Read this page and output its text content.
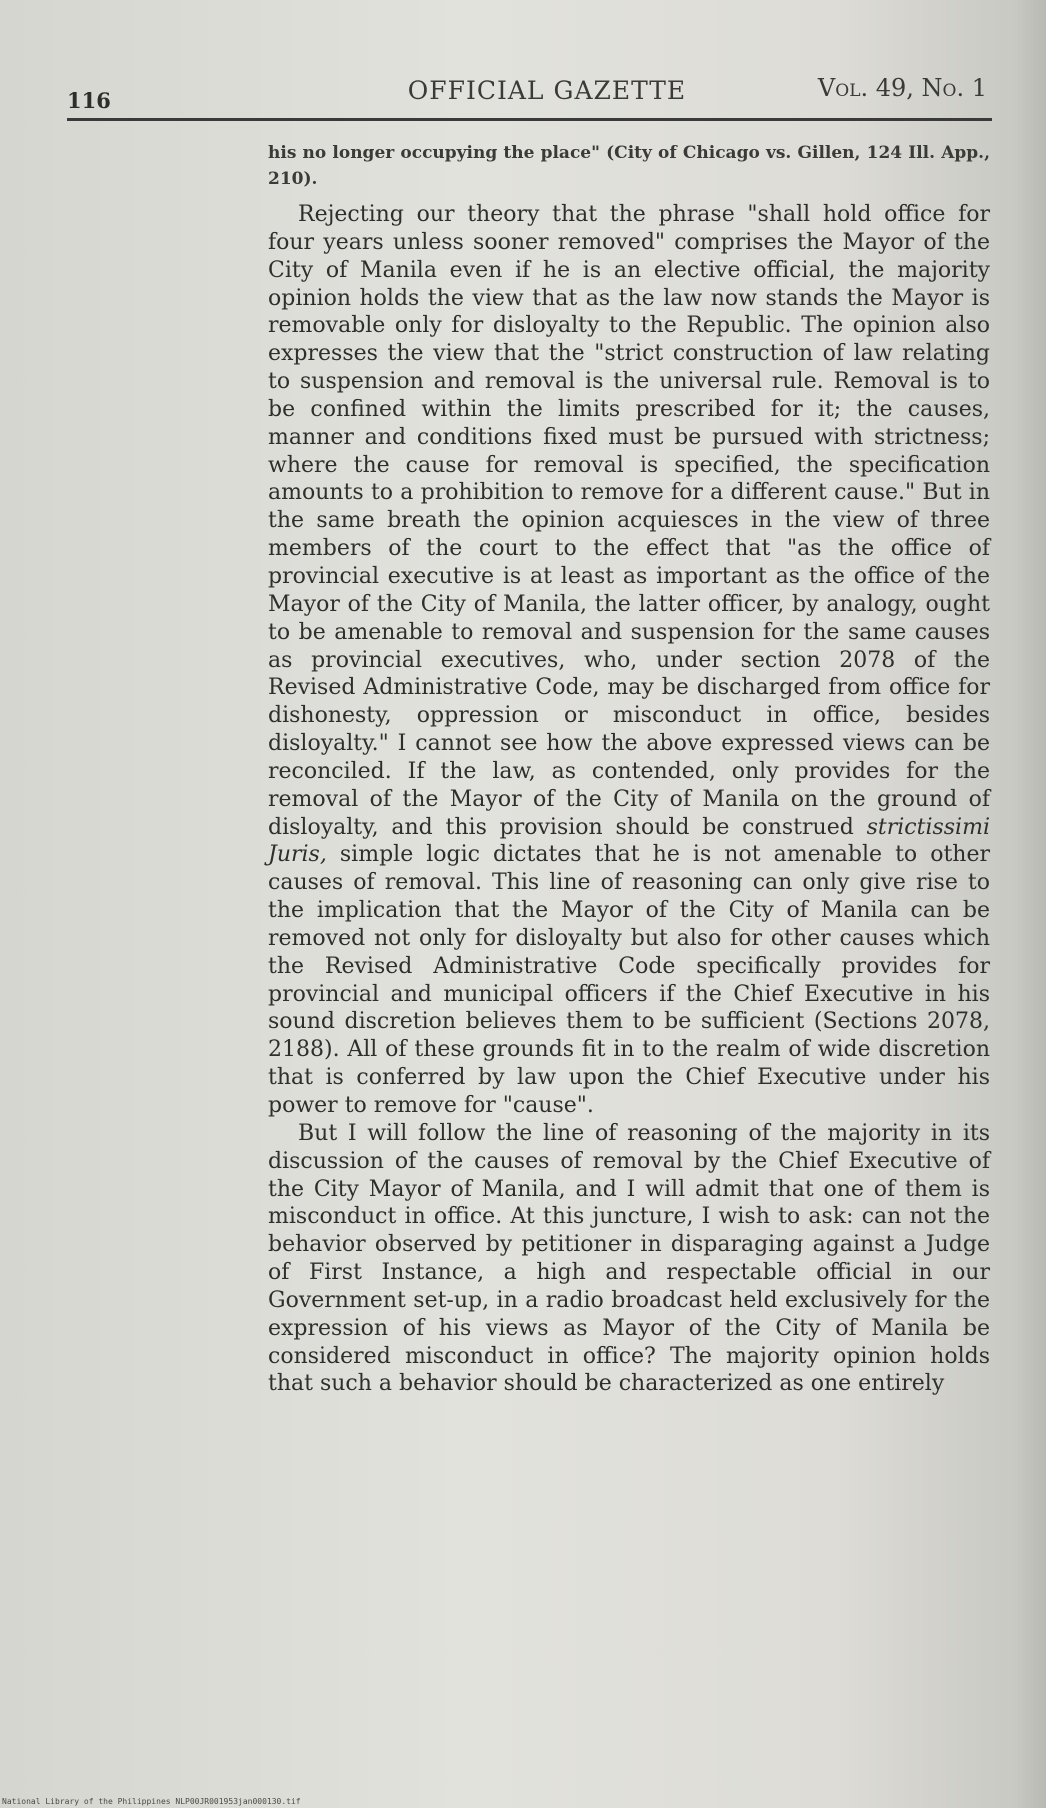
116	OFFICIAL GAZETTE	Vol. 49, No. 1

his no longer occupying the place" (City of Chicago vs. Gillen, 124 Ill. App., 210).

Rejecting our theory that the phrase "shall hold office for four years unless sooner removed" comprises the Mayor of the City of Manila even if he is an elective official, the majority opinion holds the view that as the law now stands the Mayor is removable only for disloyalty to the Republic. The opinion also expresses the view that the "strict construction of law relating to suspension and removal is the universal rule. Removal is to be confined within the limits prescribed for it; the causes, manner and conditions fixed must be pursued with strictness; where the cause for removal is specified, the specification amounts to a prohibition to remove for a different cause." But in the same breath the opinion acquiesces in the view of three members of the court to the effect that "as the office of provincial executive is at least as important as the office of the Mayor of the City of Manila, the latter officer, by analogy, ought to be amenable to removal and suspension for the same causes as provincial executives, who, under section 2078 of the Revised Administrative Code, may be discharged from office for dishonesty, oppression or misconduct in office, besides disloyalty." I cannot see how the above expressed views can be reconciled. If the law, as contended, only provides for the removal of the Mayor of the City of Manila on the ground of disloyalty, and this provision should be construed strictissimi Juris, simple logic dictates that he is not amenable to other causes of removal. This line of reasoning can only give rise to the implication that the Mayor of the City of Manila can be removed not only for disloyalty but also for other causes which the Revised Administrative Code specifically provides for provincial and municipal officers if the Chief Executive in his sound discretion believes them to be sufficient (Sections 2078, 2188). All of these grounds fit in to the realm of wide discretion that is conferred by law upon the Chief Executive under his power to remove for "cause".

But I will follow the line of reasoning of the majority in its discussion of the causes of removal by the Chief Executive of the City Mayor of Manila, and I will admit that one of them is misconduct in office. At this juncture, I wish to ask: can not the behavior observed by petitioner in disparaging against a Judge of First Instance, a high and respectable official in our Government set-up, in a radio broadcast held exclusively for the expression of his views as Mayor of the City of Manila be considered misconduct in office? The majority opinion holds that such a behavior should be characterized as one entirely

National Library of the Philippines NLP00JR001953jan000130.tif
